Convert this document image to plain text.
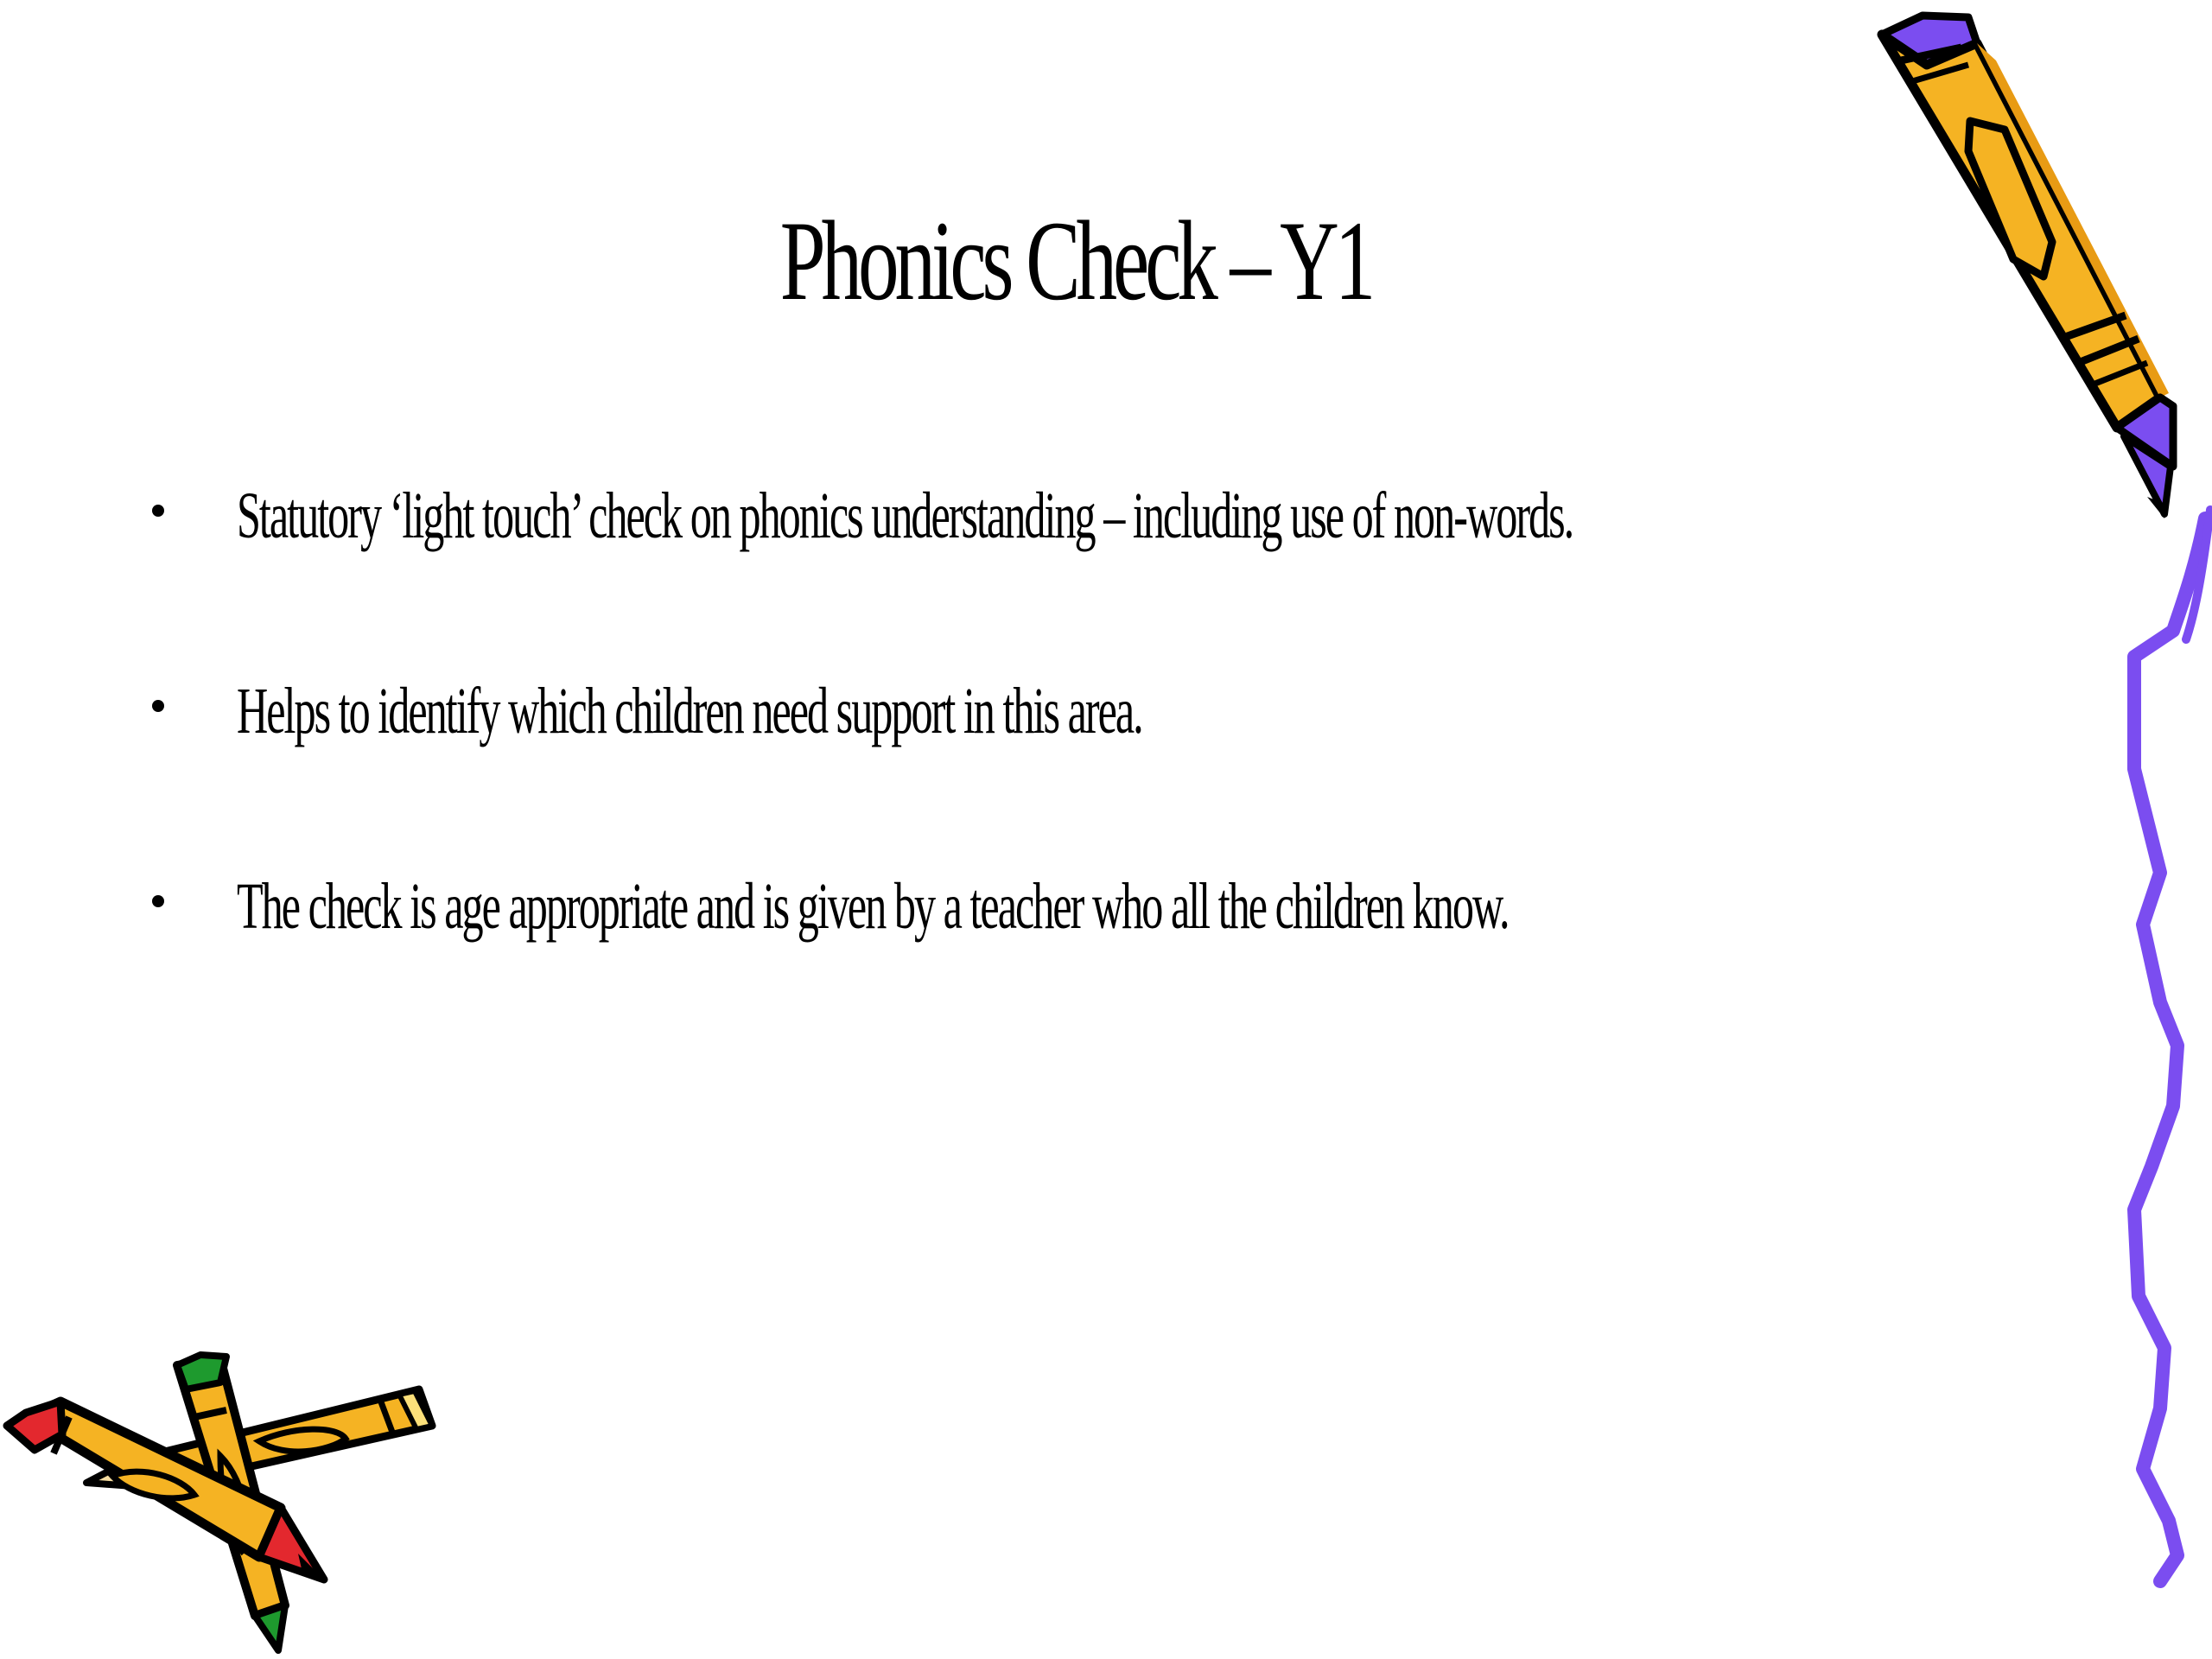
Phonics Check – Y1
Statutory ‘light touch’ check on phonics understanding – including use of non-words.
Helps to identify which children need support in this area.
The check is age appropriate and is given by a teacher who all the children know.
